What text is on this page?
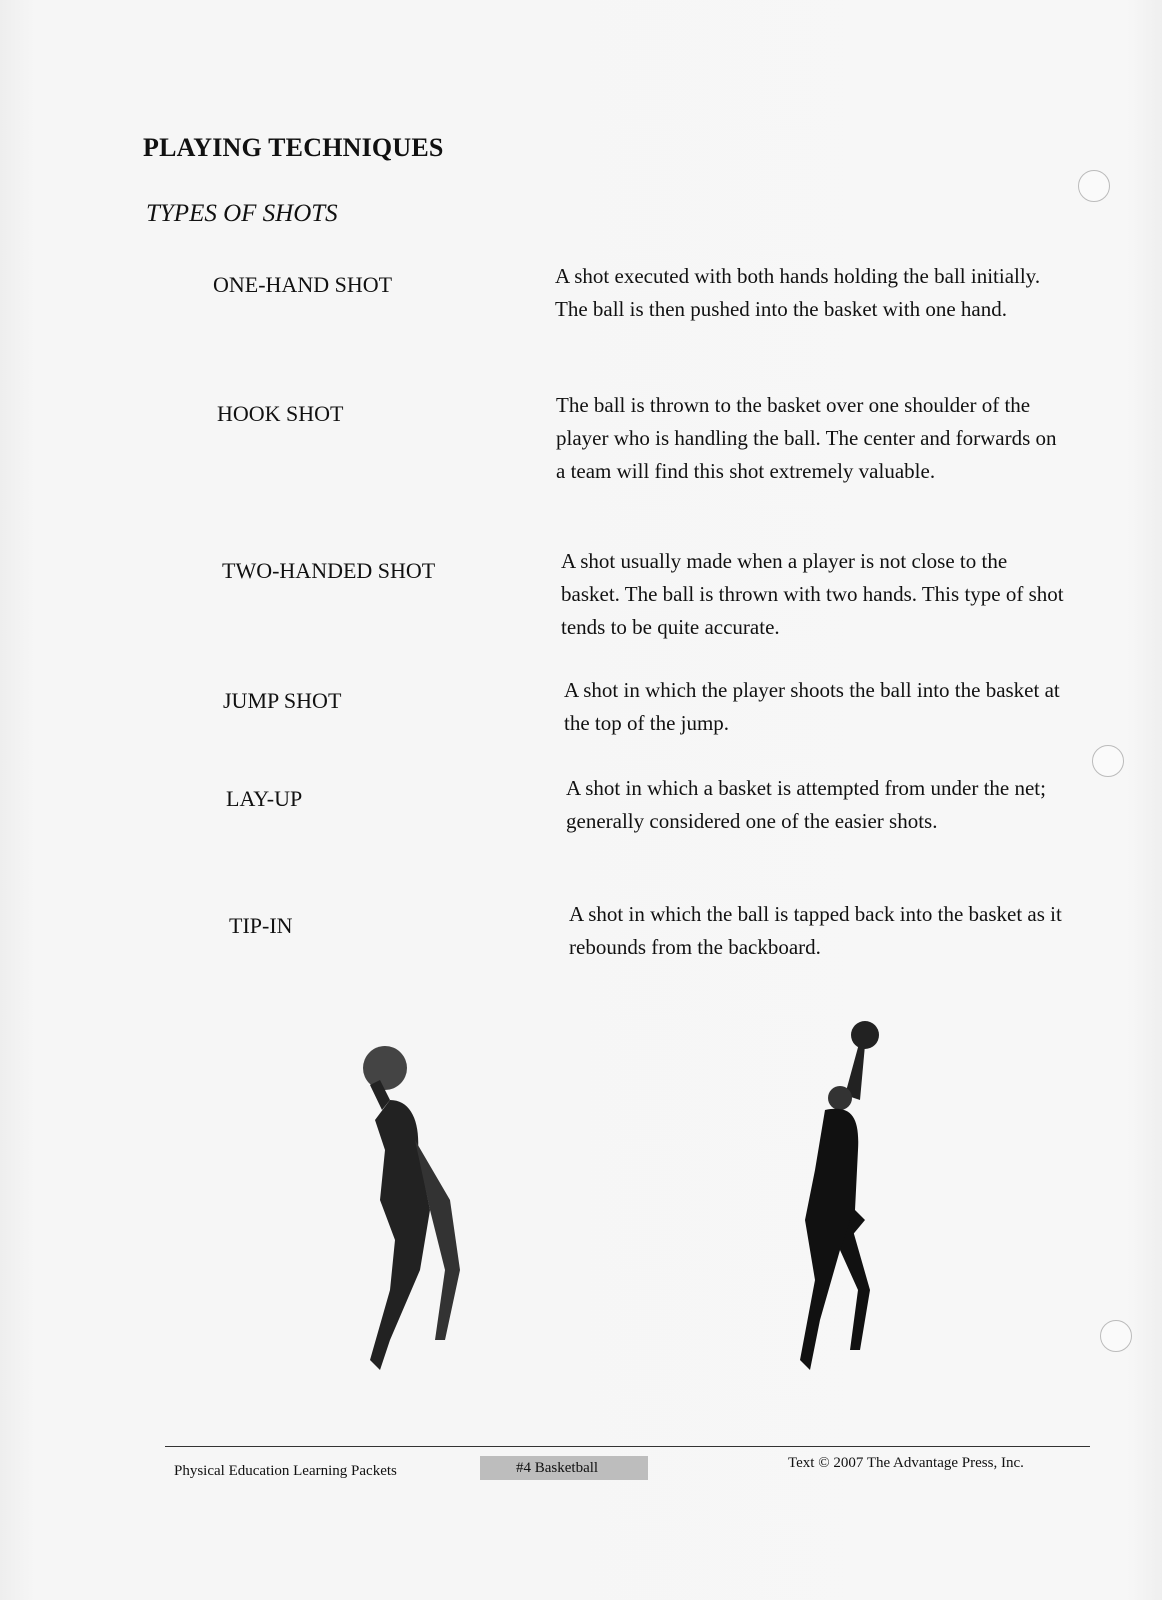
PLAYING TECHNIQUES
TYPES OF SHOTS
ONE-HAND SHOT	A shot executed with both hands holding the ball initially. The ball is then pushed into the basket with one hand.
HOOK SHOT	The ball is thrown to the basket over one shoulder of the player who is handling the ball. The center and forwards on a team will find this shot extremely valuable.
TWO-HANDED SHOT	A shot usually made when a player is not close to the basket. The ball is thrown with two hands. This type of shot tends to be quite accurate.
JUMP SHOT	A shot in which the player shoots the ball into the basket at the top of the jump.
LAY-UP	A shot in which a basket is attempted from under the net; generally considered one of the easier shots.
TIP-IN	A shot in which the ball is tapped back into the basket as it rebounds from the backboard.
Physical Education Learning Packets	#4 Basketball	Text © 2007 The Advantage Press, Inc.
